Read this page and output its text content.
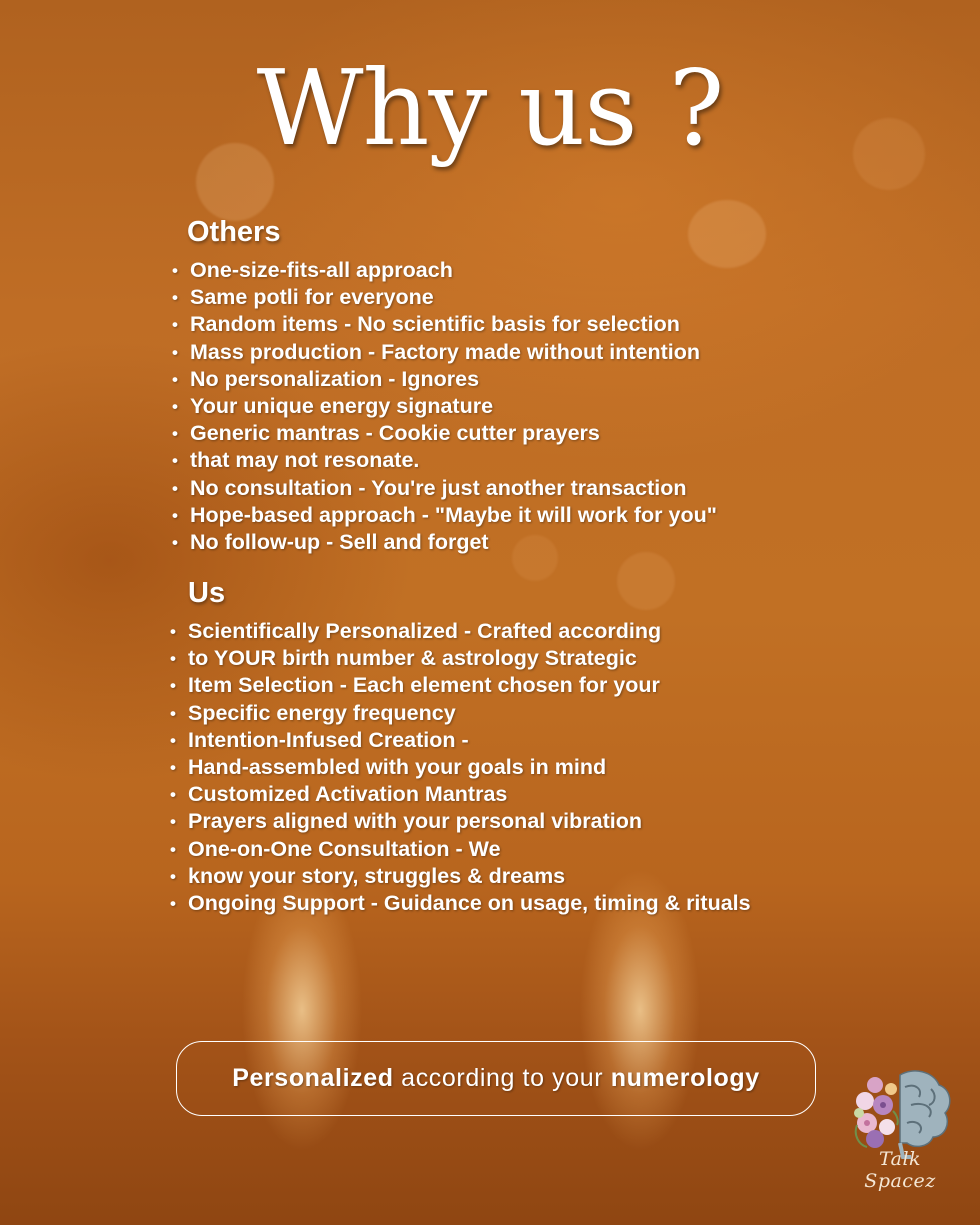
Why us ?
Others
• One-size-fits-all approach
• Same potli for everyone
• Random items - No scientific basis for selection
• Mass production - Factory made without intention
• No personalization - Ignores
• Your unique energy signature
• Generic mantras - Cookie cutter prayers
• that may not resonate.
• No consultation - You're just another transaction
• Hope-based approach - "Maybe it will work for you"
• No follow-up - Sell and forget
Us
• Scientifically Personalized - Crafted according
• to YOUR birth number & astrology Strategic
• Item Selection - Each element chosen for your
• Specific energy frequency
• Intention-Infused Creation -
• Hand-assembled with your goals in mind
• Customized Activation Mantras
• Prayers aligned with your personal vibration
• One-on-One Consultation - We
• know your story, struggles & dreams
• Ongoing Support - Guidance on usage, timing & rituals
Personalized according to your numerology
Talk Spacez
